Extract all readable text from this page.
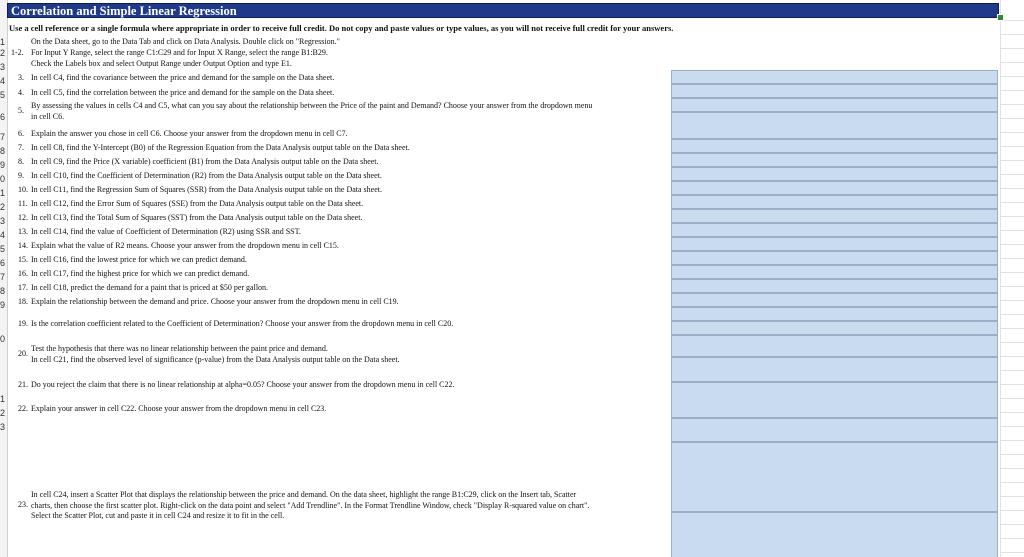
1
2
3
4
5
6
7
8
9
0
1
2
3
4
5
6
7
8
9
0
1
2
3
Correlation and Simple Linear Regression
Use a cell reference or a single formula where appropriate in order to receive full credit. Do not copy and paste values or type values, as you will not receive full credit for your answers.
On the Data sheet, go to the Data Tab and click on Data Analysis. Double click on "Regression."
1-2. For Input Y Range, select the range C1:C29 and for Input X Range, select the range B1:B29.
Check the Labels box and select Output Range under Output Option and type E1.
3. In cell C4, find the covariance between the price and demand for the sample on the Data sheet.
4. In cell C5, find the correlation between the price and demand for the sample on the Data sheet.
5.
By assessing the values in cells C4 and C5, what can you say about the relationship between the Price of the paint and Demand? Choose your answer from the dropdown menu
in cell C6.
6. Explain the answer you chose in cell C6. Choose your answer from the dropdown menu in cell C7.
7. In cell C8, find the Y-Intercept (B0) of the Regression Equation from the Data Analysis output table on the Data sheet.
8. In cell C9, find the Price (X variable) coefficient (B1) from the Data Analysis output table on the Data sheet.
9. In cell C10, find the Coefficient of Determination (R2) from the Data Analysis output table on the Data sheet.
10. In cell C11, find the Regression Sum of Squares (SSR) from the Data Analysis output table on the Data sheet.
11. In cell C12, find the Error Sum of Squares (SSE) from the Data Analysis output table on the Data sheet.
12. In cell C13, find the Total Sum of Squares (SST) from the Data Analysis output table on the Data sheet.
13. In cell C14, find the value of Coefficient of Determination (R2) using SSR and SST.
14. Explain what the value of R2 means. Choose your answer from the dropdown menu in cell C15.
15. In cell C16, find the lowest price for which we can predict demand.
16. In cell C17, find the highest price for which we can predict demand.
17. In cell C18, predict the demand for a paint that is priced at $50 per gallon.
18. Explain the relationship between the demand and price. Choose your answer from the dropdown menu in cell C19.
19. Is the correlation coefficient related to the Coefficient of Determination? Choose your answer from the dropdown menu in cell C20.
20.
Test the hypothesis that there was no linear relationship between the paint price and demand.
In cell C21, find the observed level of significance (p-value) from the Data Analysis output table on the Data sheet.
21. Do you reject the claim that there is no linear relationship at alpha=0.05? Choose your answer from the dropdown menu in cell C22.
22. Explain your answer in cell C22. Choose your answer from the dropdown menu in cell C23.
23.
In cell C24, insert a Scatter Plot that displays the relationship between the price and demand. On the data sheet, highlight the range B1:C29, click on the Insert tab, Scatter
charts, then choose the first scatter plot. Right-click on the data point and select "Add Trendline". In the Format Trendline Window, check "Display R-squared value on chart".
Select the Scatter Plot, cut and paste it in cell C24 and resize it to fit in the cell.
